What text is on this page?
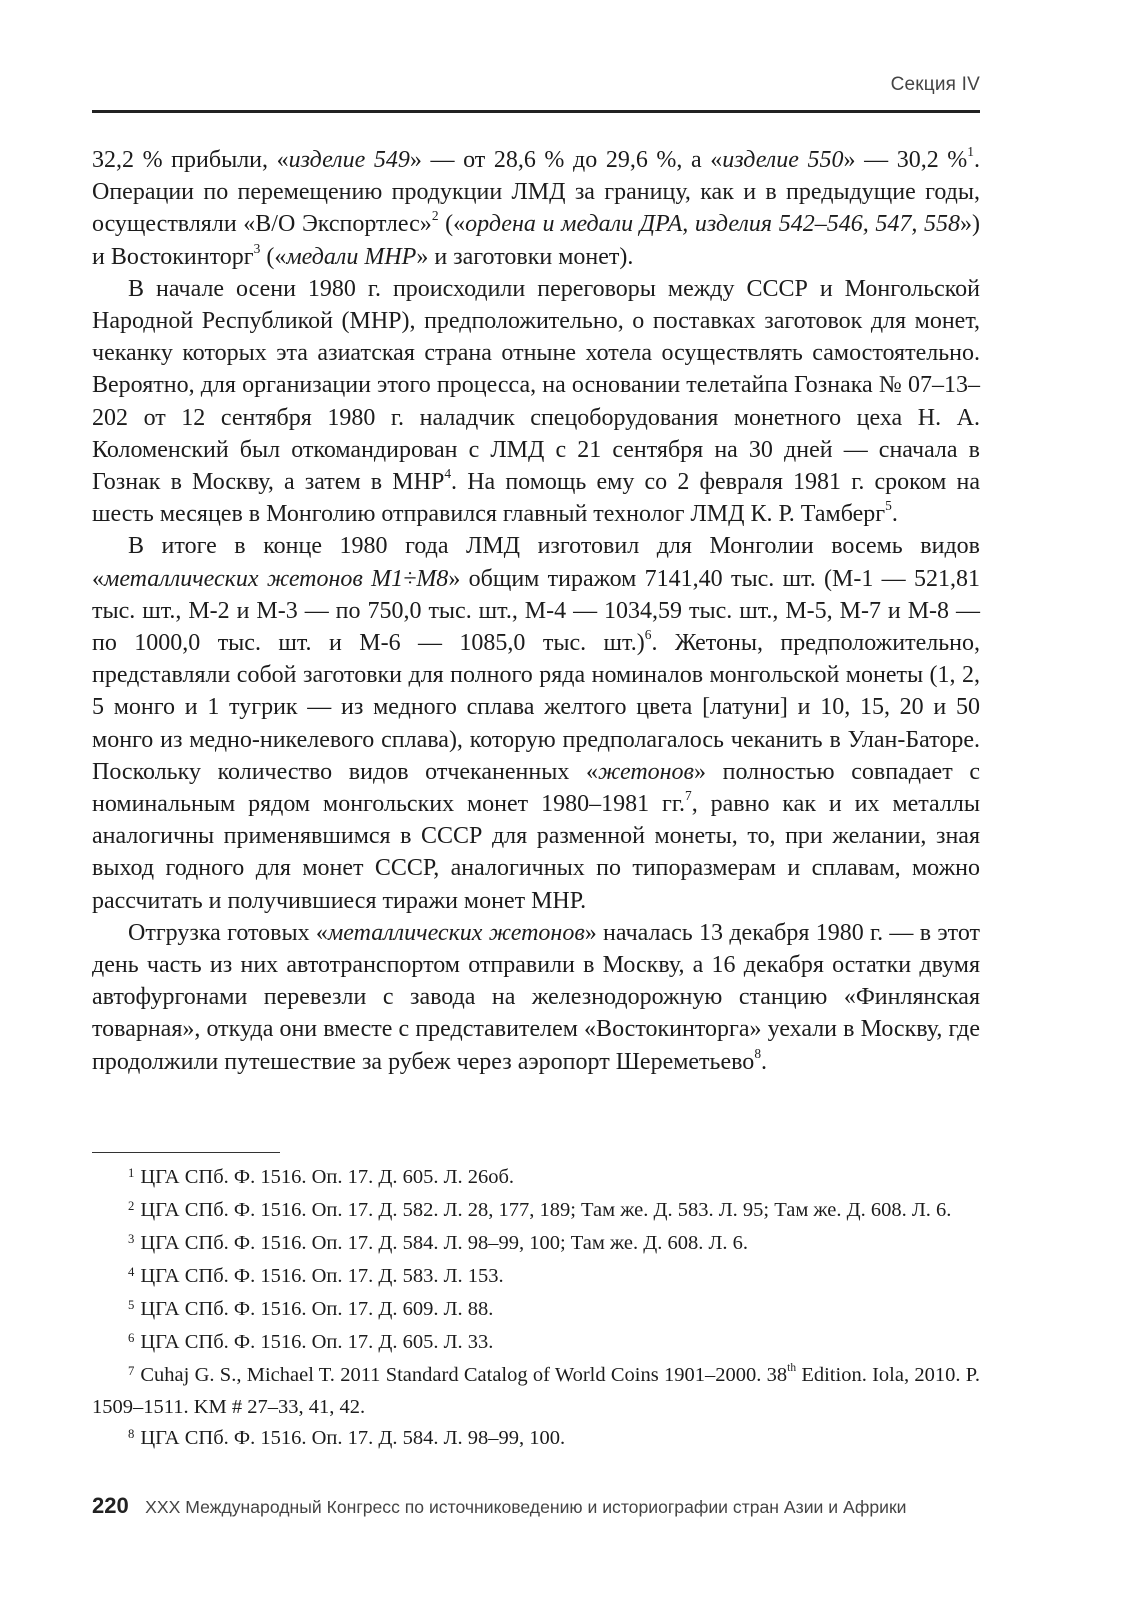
Секция IV

32,2 % прибыли, «изделие 549» — от 28,6 % до 29,6 %, а «изделие 550» — 30,2 %$^1$. Операции по перемещению продукции ЛМД за границу, как и в предыдущие годы, осуществляли «В/О Экспортлес»$^2$ («ордена и медали ДРА, изделия 542–546, 547, 558») и Востокинторг$^3$ («медали МНР» и заготовки монет).

В начале осени 1980 г. происходили переговоры между СССР и Монгольской Народной Республикой (МНР), предположительно, о поставках заготовок для монет, чеканку которых эта азиатская страна отныне хотела осуществлять самостоятельно. Вероятно, для организации этого процесса, на основании телетайпа Гознака № 07–13–202 от 12 сентября 1980 г. наладчик спецоборудования монетного цеха Н. А. Коломенский был откомандирован с ЛМД с 21 сентября на 30 дней — сначала в Гознак в Москву, а затем в МНР$^4$. На помощь ему со 2 февраля 1981 г. сроком на шесть месяцев в Монголию отправился главный технолог ЛМД К. Р. Тамберг$^5$.

В итоге в конце 1980 года ЛМД изготовил для Монголии восемь видов «металлических жетонов М1÷М8» общим тиражом 7141,40 тыс. шт. (М-1 — 521,81 тыс. шт., М-2 и М-3 — по 750,0 тыс. шт., М-4 — 1034,59 тыс. шт., М-5, М-7 и М-8 — по 1000,0 тыс. шт. и М-6 — 1085,0 тыс. шт.)$^6$. Жетоны, предположительно, представляли собой заготовки для полного ряда номиналов монгольской монеты (1, 2, 5 монго и 1 тугрик — из медного сплава желтого цвета [латуни] и 10, 15, 20 и 50 монго из медно-никелевого сплава), которую предполагалось чеканить в Улан-Баторе. Поскольку количество видов отчеканенных «жетонов» полностью совпадает с номинальным рядом монгольских монет 1980–1981 гг.$^7$, равно как и их металлы аналогичны применявшимся в СССР для разменной монеты, то, при желании, зная выход годного для монет СССР, аналогичных по типоразмерам и сплавам, можно рассчитать и получившиеся тиражи монет МНР.

Отгрузка готовых «металлических жетонов» началась 13 декабря 1980 г. — в этот день часть из них автотранспортом отправили в Москву, а 16 декабря остатки двумя автофургонами перевезли с завода на железнодорожную станцию «Финлянская товарная», откуда они вместе с представителем «Востокинторга» уехали в Москву, где продолжили путешествие за рубеж через аэропорт Шереметьево$^8$.

$^1$ ЦГА СПб. Ф. 1516. Оп. 17. Д. 605. Л. 26об.

$^2$ ЦГА СПб. Ф. 1516. Оп. 17. Д. 582. Л. 28, 177, 189; Там же. Д. 583. Л. 95; Там же. Д. 608. Л. 6.

$^3$ ЦГА СПб. Ф. 1516. Оп. 17. Д. 584. Л. 98–99, 100; Там же. Д. 608. Л. 6.

$^4$ ЦГА СПб. Ф. 1516. Оп. 17. Д. 583. Л. 153.

$^5$ ЦГА СПб. Ф. 1516. Оп. 17. Д. 609. Л. 88.

$^6$ ЦГА СПб. Ф. 1516. Оп. 17. Д. 605. Л. 33.

$^7$ Cuhaj G. S., Michael T. 2011 Standard Catalog of World Coins 1901–2000. 38th Edition. Iola, 2010. P. 1509–1511. KM # 27–33, 41, 42.

$^8$ ЦГА СПб. Ф. 1516. Оп. 17. Д. 584. Л. 98–99, 100.

220 XXX Международный Конгресс по источниковедению и историографии стран Азии и Африки
